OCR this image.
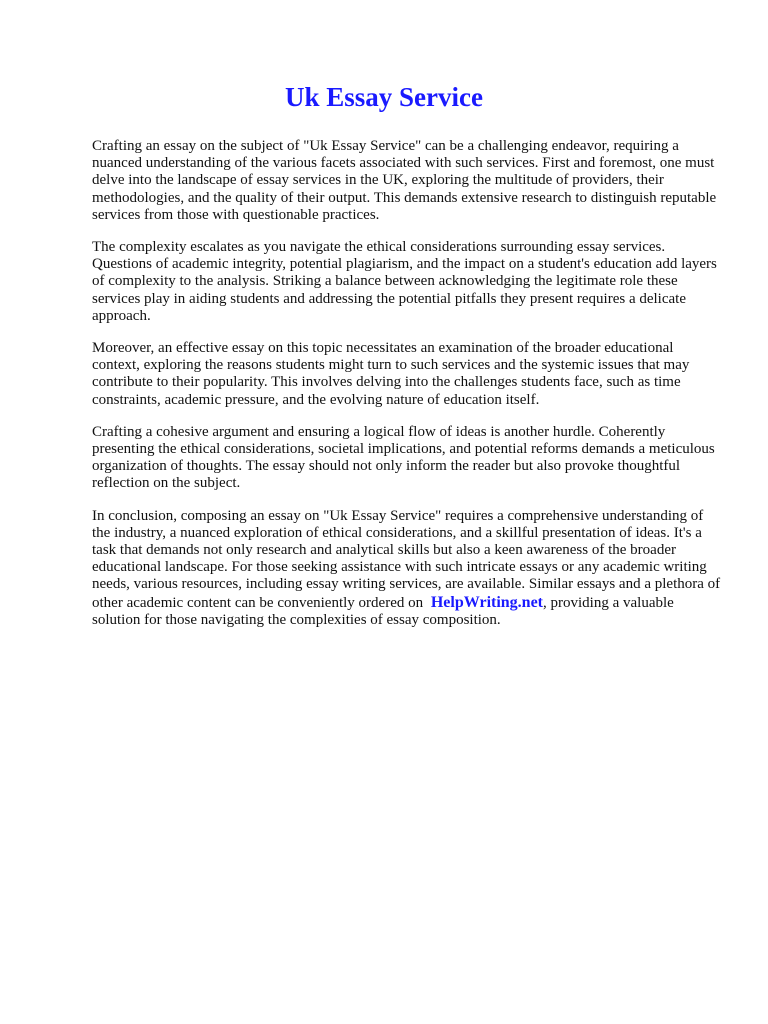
Uk Essay Service

Crafting an essay on the subject of "Uk Essay Service" can be a challenging endeavor, requiring a nuanced understanding of the various facets associated with such services. First and foremost, one must delve into the landscape of essay services in the UK, exploring the multitude of providers, their methodologies, and the quality of their output. This demands extensive research to distinguish reputable services from those with questionable practices.

The complexity escalates as you navigate the ethical considerations surrounding essay services. Questions of academic integrity, potential plagiarism, and the impact on a student's education add layers of complexity to the analysis. Striking a balance between acknowledging the legitimate role these services play in aiding students and addressing the potential pitfalls they present requires a delicate approach.

Moreover, an effective essay on this topic necessitates an examination of the broader educational context, exploring the reasons students might turn to such services and the systemic issues that may contribute to their popularity. This involves delving into the challenges students face, such as time constraints, academic pressure, and the evolving nature of education itself.

Crafting a cohesive argument and ensuring a logical flow of ideas is another hurdle. Coherently presenting the ethical considerations, societal implications, and potential reforms demands a meticulous organization of thoughts. The essay should not only inform the reader but also provoke thoughtful reflection on the subject.

In conclusion, composing an essay on "Uk Essay Service" requires a comprehensive understanding of the industry, a nuanced exploration of ethical considerations, and a skillful presentation of ideas. It's a task that demands not only research and analytical skills but also a keen awareness of the broader educational landscape. For those seeking assistance with such intricate essays or any academic writing needs, various resources, including essay writing services, are available. Similar essays and a plethora of other academic content can be conveniently ordered on HelpWriting.net, providing a valuable solution for those navigating the complexities of essay composition.
